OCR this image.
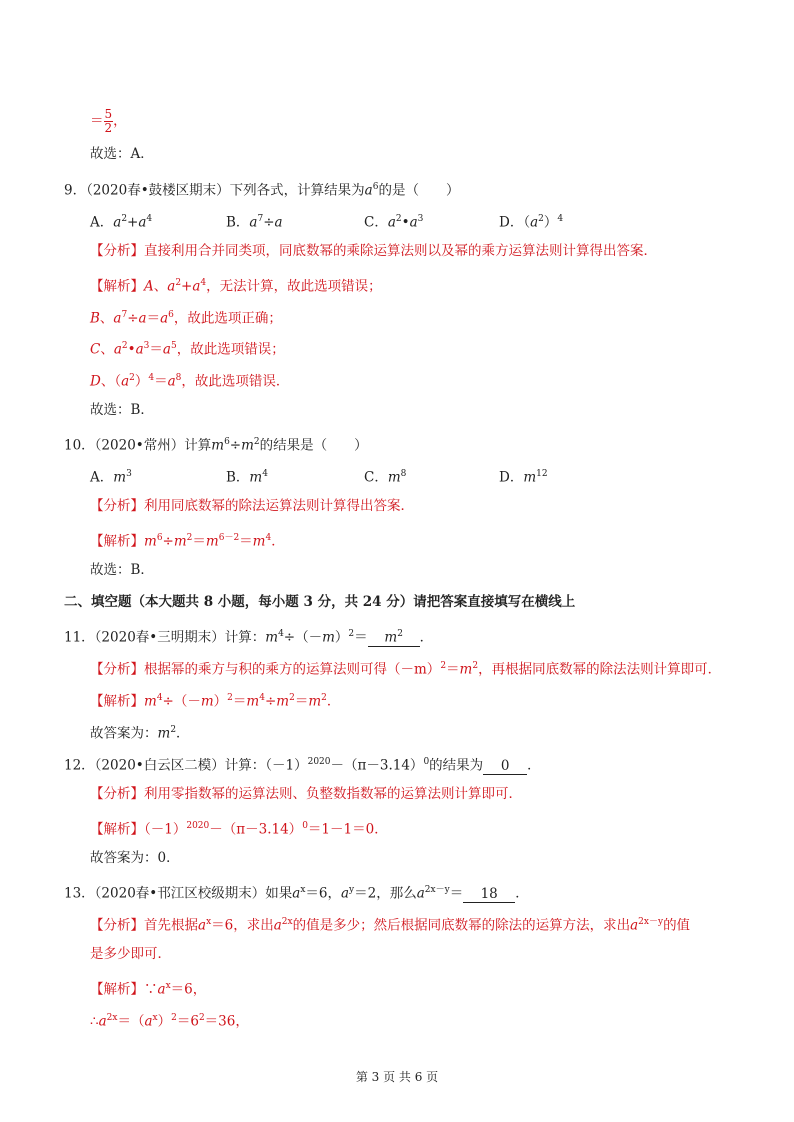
＝ $\frac{5}{2}$ ，
故选：A．
9．（2020春•鼓楼区期末）下列各式，计算结果为$a^6$的是（　　）
A．$a^2+a^4$	B．$a^7\div a$	C．$a^2•a^3$	D．$(a^2)^4$
【分析】直接利用合并同类项，同底数幂的乘除运算法则以及幂的乘方运算法则计算得出答案．
【解析】A、$a^2+a^4$，无法计算，故此选项错误；
B、$a^7\div a=a^6$，故此选项正确；
C、$a^2•a^3=a^5$，故此选项错误；
D、$(a^2)^4=a^8$，故此选项错误．
故选：B．
10．（2020•常州）计算$m^6\div m^2$的结果是（　　）
A．$m^3$	B．$m^4$	C．$m^8$	D．$m^{12}$
【分析】利用同底数幂的除法运算法则计算得出答案．
【解析】$m^6\div m^2=m^{6-2}=m^4$．
故选：B．
二、填空题（本大题共 8 小题，每小题 3 分，共 24 分）请把答案直接填写在横线上
11．（2020春•三明期末）计算：$m^4\div(-m)^2= m^2$ ．
【分析】根据幂的乘方与积的乘方的运算法则可得$(-m)^2=m^2$，再根据同底数幂的除法法则计算即可．
【解析】$m^4\div(-m)^2=m^4\div m^2=m^2$．
故答案为：$m^2$．
12．（2020•白云区二模）计算：$(-1)^{2020}-(\pi-3.14)^0$的结果为 0 ．
【分析】利用零指数幂的运算法则、负整数指数幂的运算法则计算即可．
【解析】$(-1)^{2020}-(\pi-3.14)^0=1-1=0$．
故答案为：0．
13．（2020春•邗江区校级期末）如果$a^x=6$，$a^y=2$，那么$a^{2x-y}= 18$ ．
【分析】首先根据$a^x=6$，求出$a^{2x}$的值是多少；然后根据同底数幂的除法的运算方法，求出$a^{2x-y}$的值
是多少即可．
【解析】$\because a^x=6$，
$\therefore a^{2x}=(a^x)^2=6^2=36$，
第 3 页 共 6 页
